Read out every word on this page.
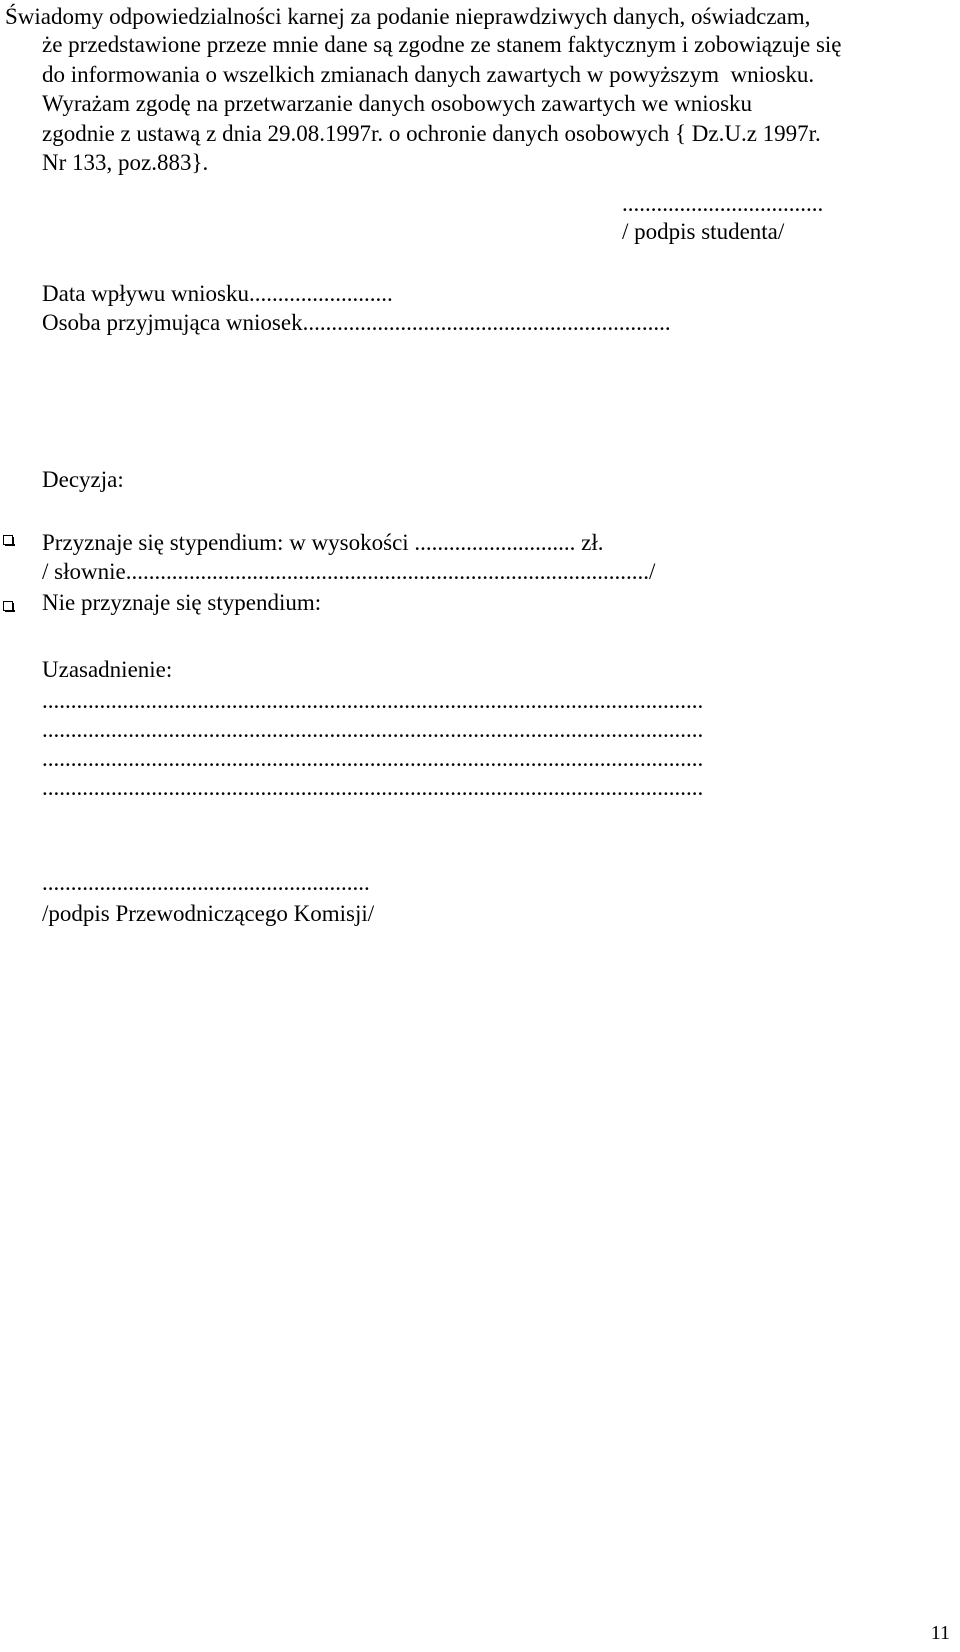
Świadomy odpowiedzialności karnej za podanie nieprawdziwych danych, oświadczam,
że przedstawione przeze mnie dane są zgodne ze stanem faktycznym i zobowiązuje się
do informowania o wszelkich zmianach danych zawartych w powyższym  wniosku.
Wyrażam zgodę na przetwarzanie danych osobowych zawartych we wniosku
zgodnie z ustawą z dnia 29.08.1997r. o ochronie danych osobowych { Dz.U.z 1997r.
Nr 133, poz.883}.
...................................
/ podpis studenta/
Data wpływu wniosku.........................
Osoba przyjmująca wniosek................................................................
Decyzja:
Przyznaje się stypendium: w wysokości ............................ zł.
/ słownie.........................................................................................../
Nie przyznaje się stypendium:
Uzasadnienie:
...................................................................................................................
...................................................................................................................
...................................................................................................................
...................................................................................................................
.........................................................
/podpis Przewodniczącego Komisji/
11
